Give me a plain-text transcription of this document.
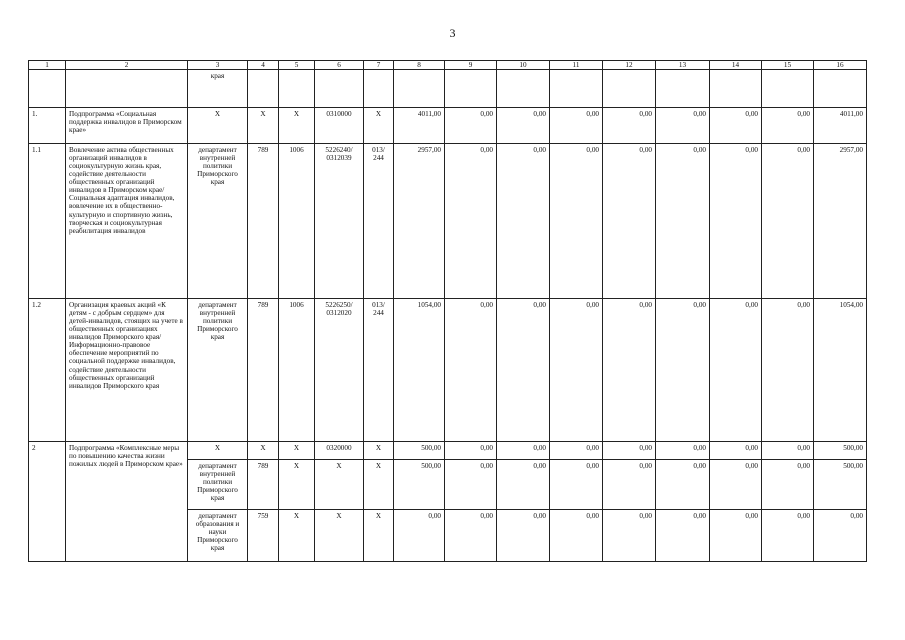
3
1	2	3	4	5	6	7	8	9	10	11	12	13	14	15	16
		края													
1.	Подпрограмма «Социальная поддержка инвалидов в Приморском крае»	X	X	X	0310000	X	4011,00	0,00	0,00	0,00	0,00	0,00	0,00	0,00	4011,00
1.1	Вовлечение актива общественных организаций инвалидов в социокультурную жизнь края, содействие деятельности общественных организаций инвалидов в Приморском крае/ Социальная адаптация инвалидов, вовлечение их в общественно-культурную и спортивную жизнь, творческая и социокультурная реабилитация инвалидов	департамент внутренней политики Приморского края	789	1006	5226240/ 0312039	013/ 244	2957,00	0,00	0,00	0,00	0,00	0,00	0,00	0,00	2957,00
1.2	Организация краевых акций «К детям - с добрым сердцем» для детей-инвалидов, стоящих на учете в общественных организациях инвалидов Приморского края/ Информационно-правовое обеспечение мероприятий по социальной поддержке инвалидов, содействие деятельности общественных организаций инвалидов Приморского края	департамент внутренней политики Приморского края	789	1006	5226250/ 0312020	013/ 244	1054,00	0,00	0,00	0,00	0,00	0,00	0,00	0,00	1054,00
2	Подпрограмма «Комплексные меры по повышению качества жизни пожилых людей в Приморском крае»	X	X	X	0320000	X	500,00	0,00	0,00	0,00	0,00	0,00	0,00	0,00	500,00
		департамент внутренней политики Приморского края	789	X	X	X	500,00	0,00	0,00	0,00	0,00	0,00	0,00	0,00	500,00
		департамент образования и науки Приморского края	759	X	X	X	0,00	0,00	0,00	0,00	0,00	0,00	0,00	0,00	0,00
